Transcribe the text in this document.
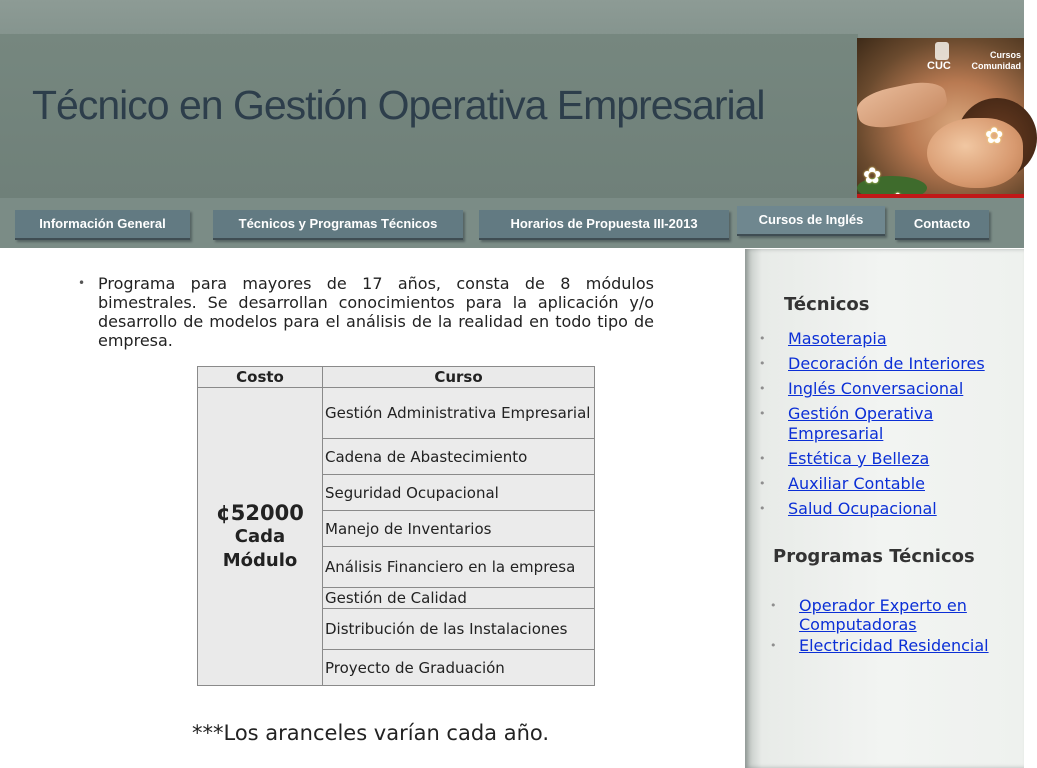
Técnico en Gestión Operativa Empresarial
✿
✿
CUC
Cursos
Comunidad
Información General	Técnicos y Programas Técnicos	Horarios de Propuesta III-2013	Cursos de Inglés	Contacto
• Programa para mayores de 17 años, consta de 8 módulos bimestrales. Se desarrollan conocimientos para la aplicación y/o desarrollo de modelos para el análisis de la realidad en todo tipo de empresa.

Costo	Curso

¢52000
Cada Módulo	Gestión Administrativa Empresarial
	Cadena de Abastecimiento
	Seguridad Ocupacional
	Manejo de Inventarios
	Análisis Financiero en la empresa
	Gestión de Calidad
	Distribución de las Instalaciones
	Proyecto de Graduación

***Los aranceles varían cada año.

Técnicos
• Masoterapia
• Decoración de Interiores
• Inglés Conversacional
• Gestión Operativa Empresarial
• Estética y Belleza
• Auxiliar Contable
• Salud Ocupacional
Programas Técnicos
• Operador Experto en Computadoras
• Electricidad Residencial
